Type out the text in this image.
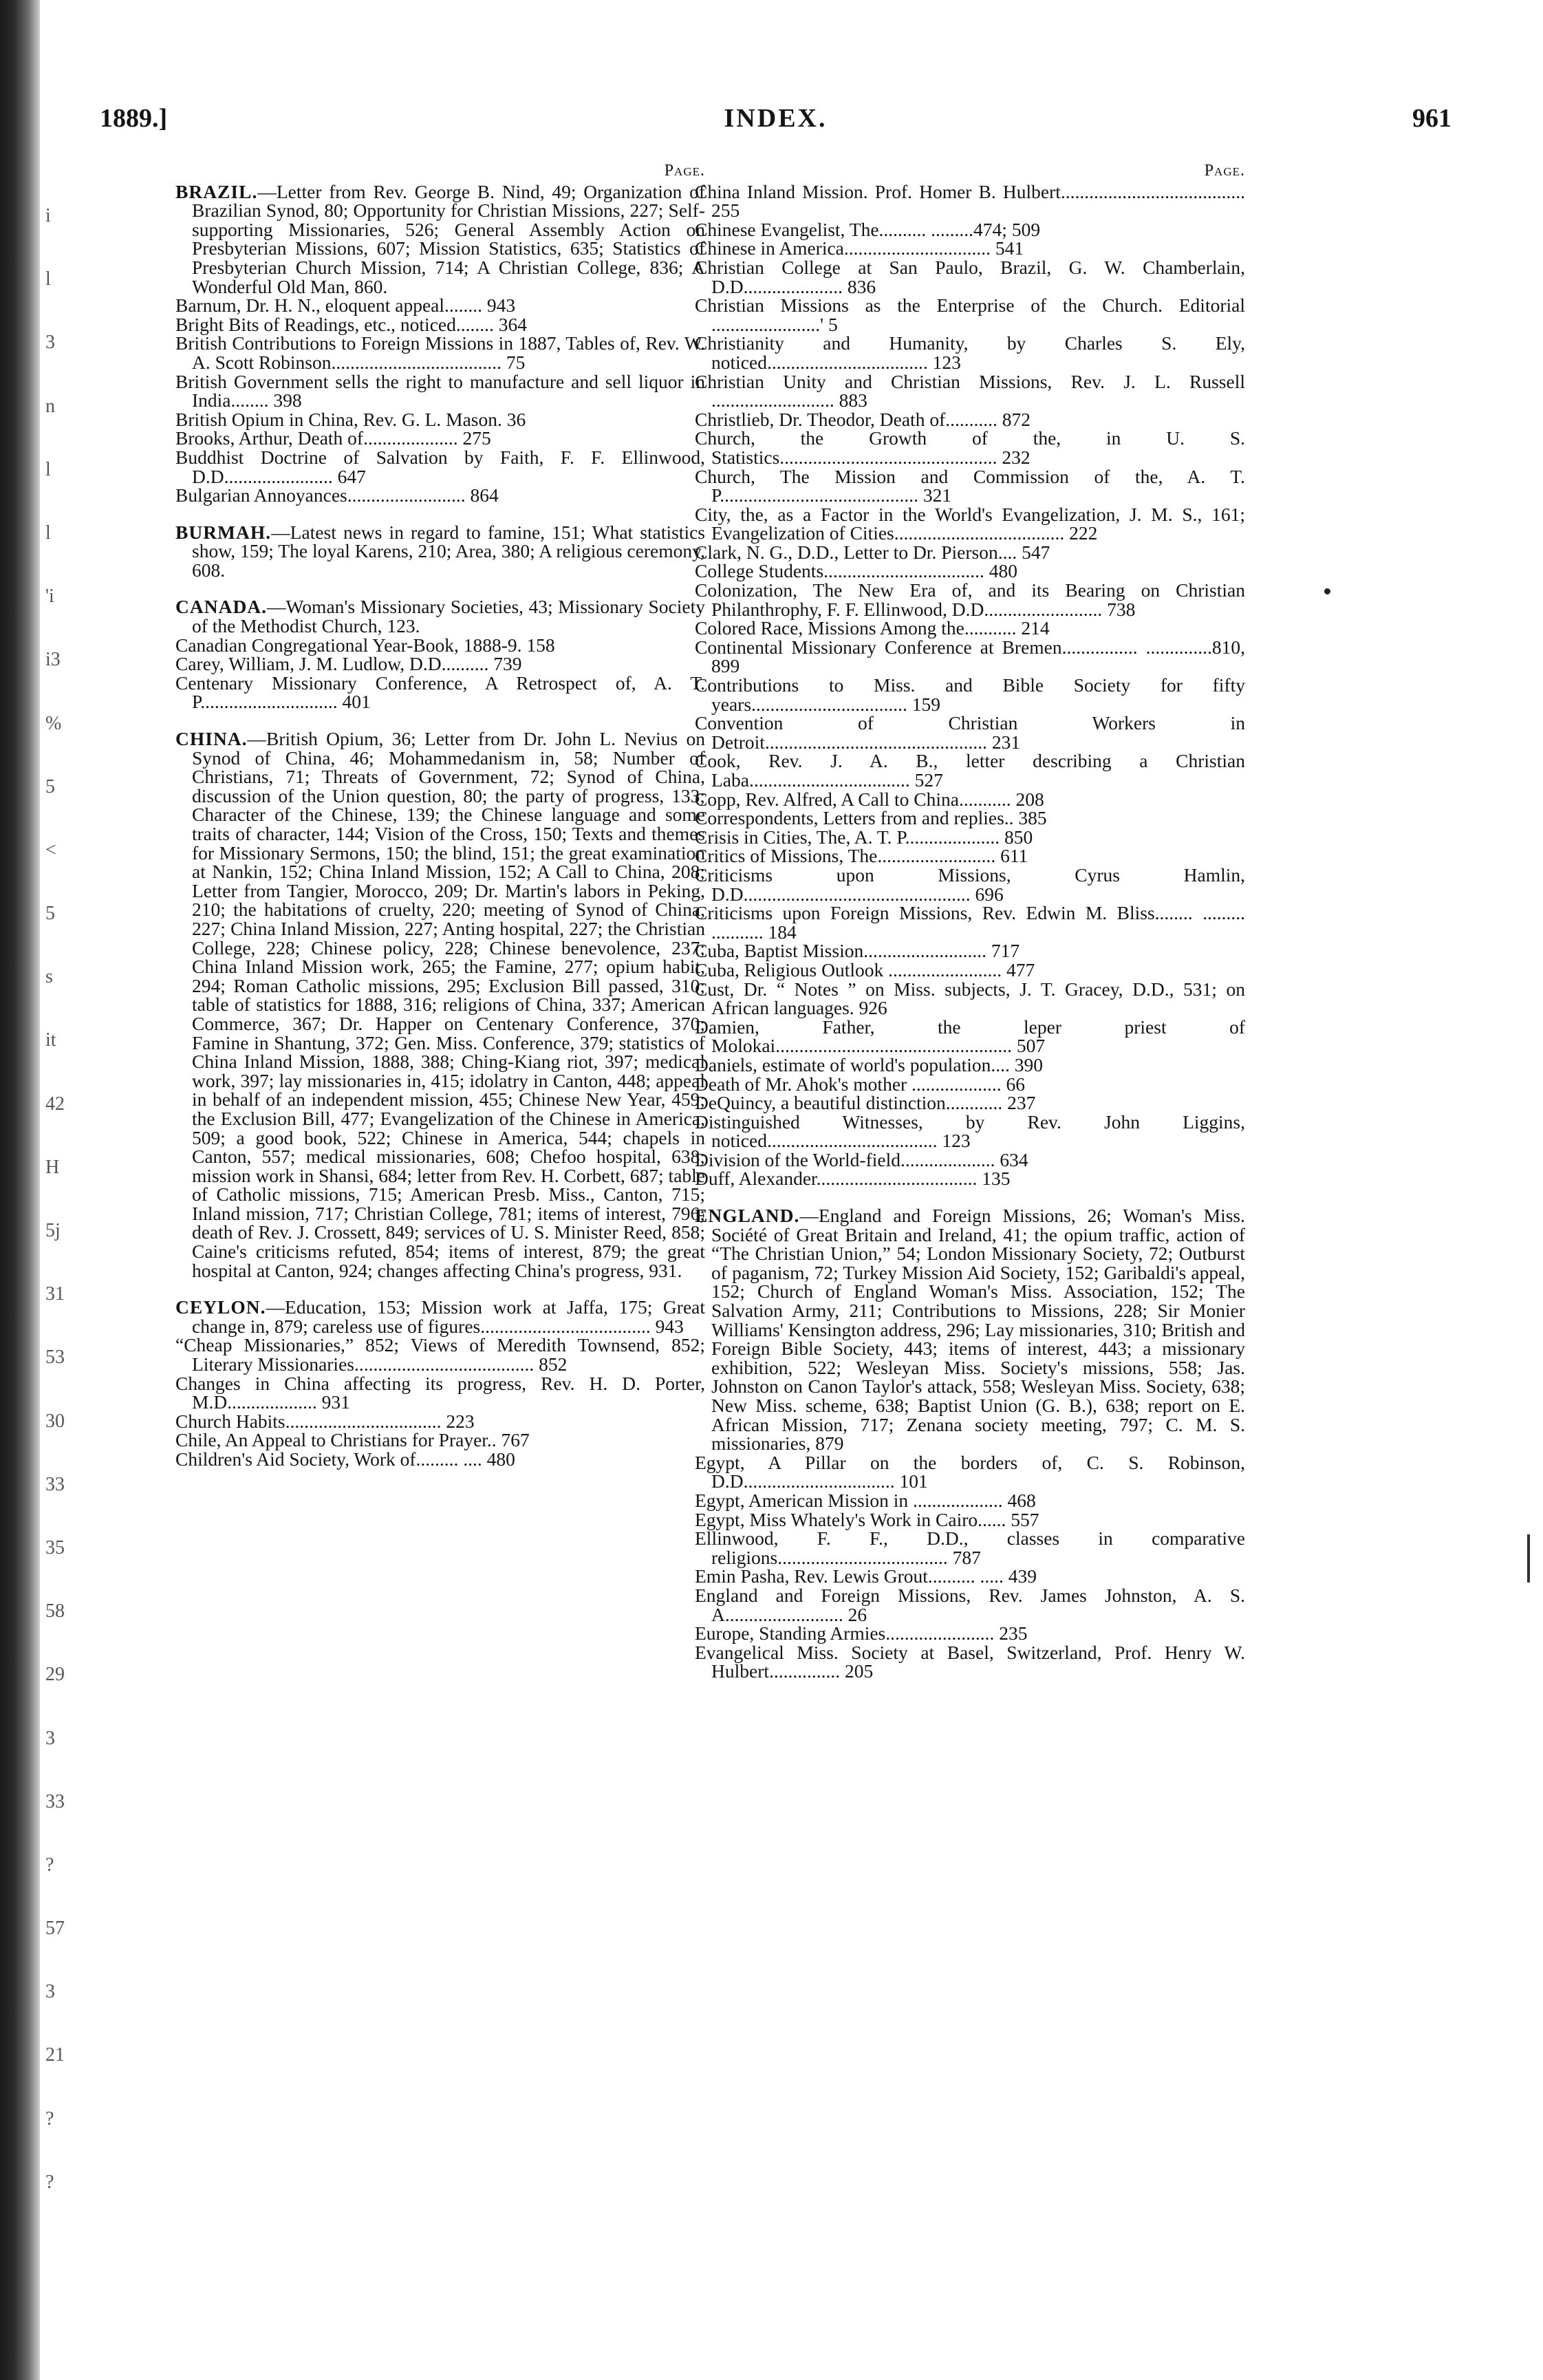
i
l
3
n
l
l
'i
i3
%
5
<
5
s
it
42
H
5j
31
53
30
33
35
58
29
3
33
?
57
3
21
?
?
1889.]	INDEX.	961
Page.

BRAZIL.—Letter from Rev. George B. Nind, 49; Organization of Brazilian Synod, 80; Opportunity for Christian Missions, 227; Self-supporting Missionaries, 526; General Assembly Action on Presbyterian Missions, 607; Mission Statistics, 635; Statistics of Presbyterian Church Mission, 714; A Christian College, 836; A Wonderful Old Man, 860.

Barnum, Dr. H. N., eloquent appeal........ 943

Bright Bits of Readings, etc., noticed........ 364

British Contributions to Foreign Missions in 1887, Tables of, Rev. W. A. Scott Robinson.................................... 75

British Government sells the right to manufacture and sell liquor in India........ 398

British Opium in China, Rev. G. L. Mason. 36

Brooks, Arthur, Death of.................... 275

Buddhist Doctrine of Salvation by Faith, F. F. Ellinwood, D.D....................... 647

Bulgarian Annoyances......................... 864

BURMAH.—Latest news in regard to famine, 151; What statistics show, 159; The loyal Karens, 210; Area, 380; A religious ceremony, 608.

CANADA.—Woman's Missionary Societies, 43; Missionary Society of the Methodist Church, 123.

Canadian Congregational Year-Book, 1888-9. 158

Carey, William, J. M. Ludlow, D.D.......... 739

Centenary Missionary Conference, A Retrospect of, A. T. P............................. 401

CHINA.—British Opium, 36; Letter from Dr. John L. Nevius on Synod of China, 46; Mohammedanism in, 58; Number of Christians, 71; Threats of Government, 72; Synod of China, discussion of the Union question, 80; the party of progress, 133; Character of the Chinese, 139; the Chinese language and some traits of character, 144; Vision of the Cross, 150; Texts and themes for Missionary Sermons, 150; the blind, 151; the great examination at Nankin, 152; China Inland Mission, 152; A Call to China, 208; Letter from Tangier, Morocco, 209; Dr. Martin's labors in Peking, 210; the habitations of cruelty, 220; meeting of Synod of China, 227; China Inland Mission, 227; Anting hospital, 227; the Christian College, 228; Chinese policy, 228; Chinese benevolence, 237; China Inland Mission work, 265; the Famine, 277; opium habit, 294; Roman Catholic missions, 295; Exclusion Bill passed, 310; table of statistics for 1888, 316; religions of China, 337; American Commerce, 367; Dr. Happer on Centenary Conference, 370; Famine in Shantung, 372; Gen. Miss. Conference, 379; statistics of China Inland Mission, 1888, 388; Ching-Kiang riot, 397; medical work, 397; lay missionaries in, 415; idolatry in Canton, 448; appeal in behalf of an independent mission, 455; Chinese New Year, 459; the Exclusion Bill, 477; Evangelization of the Chinese in America, 509; a good book, 522; Chinese in America, 544; chapels in Canton, 557; medical missionaries, 608; Chefoo hospital, 638; mission work in Shansi, 684; letter from Rev. H. Corbett, 687; table of Catholic missions, 715; American Presb. Miss., Canton, 715; Inland mission, 717; Christian College, 781; items of interest, 796; death of Rev. J. Crossett, 849; services of U. S. Minister Reed, 858; Caine's criticisms refuted, 854; items of interest, 879; the great hospital at Canton, 924; changes affecting China's progress, 931.

CEYLON.—Education, 153; Mission work at Jaffa, 175; Great change in, 879; careless use of figures.................................... 943

“Cheap Missionaries,” 852; Views of Meredith Townsend, 852; Literary Missionaries...................................... 852

Changes in China affecting its progress, Rev. H. D. Porter, M.D................... 931

Church Habits................................. 223

Chile, An Appeal to Christians for Prayer.. 767

Children's Aid Society, Work of......... .... 480

Page.

China Inland Mission. Prof. Homer B. Hulbert....................................... 255

Chinese Evangelist, The.......... .........474; 509

Chinese in America............................... 541

Christian College at San Paulo, Brazil, G. W. Chamberlain, D.D..................... 836

Christian Missions as the Enterprise of the Church. Editorial .......................' 5

Christianity and Humanity, by Charles S. Ely, noticed.................................. 123

Christian Unity and Christian Missions, Rev. J. L. Russell .......................... 883

Christlieb, Dr. Theodor, Death of........... 872

Church, the Growth of the, in U. S. Statistics.............................................. 232

Church, The Mission and Commission of the, A. T. P.......................................... 321

City, the, as a Factor in the World's Evangelization, J. M. S., 161; Evangelization of Cities.................................... 222

Clark, N. G., D.D., Letter to Dr. Pierson.... 547

College Students.................................. 480

Colonization, The New Era of, and its Bearing on Christian Philanthrophy, F. F. Ellinwood, D.D......................... 738

Colored Race, Missions Among the........... 214

Continental Missionary Conference at Bremen................ ..............810, 899

Contributions to Miss. and Bible Society for fifty years................................. 159

Convention of Christian Workers in Detroit............................................... 231

Cook, Rev. J. A. B., letter describing a Christian Laba.................................. 527

Copp, Rev. Alfred, A Call to China........... 208

Correspondents, Letters from and replies.. 385

Crisis in Cities, The, A. T. P.................... 850

Critics of Missions, The......................... 611

Criticisms upon Missions, Cyrus Hamlin, D.D................................................ 696

Criticisms upon Foreign Missions, Rev. Edwin M. Bliss........ ......... ........... 184

Cuba, Baptist Mission.......................... 717

Cuba, Religious Outlook ........................ 477

Cust, Dr. “ Notes ” on Miss. subjects, J. T. Gracey, D.D., 531; on African languages. 926

Damien, Father, the leper priest of Molokai.................................................. 507

Daniels, estimate of world's population.... 390

Death of Mr. Ahok's mother ................... 66

DeQuincy, a beautiful distinction............ 237

Distinguished Witnesses, by Rev. John Liggins, noticed.................................... 123

Division of the World-field.................... 634

Duff, Alexander.................................. 135

ENGLAND.—England and Foreign Missions, 26; Woman's Miss. Société of Great Britain and Ireland, 41; the opium traffic, action of “The Christian Union,” 54; London Missionary Society, 72; Outburst of paganism, 72; Turkey Mission Aid Society, 152; Garibaldi's appeal, 152; Church of England Woman's Miss. Association, 152; The Salvation Army, 211; Contributions to Missions, 228; Sir Monier Williams' Kensington address, 296; Lay missionaries, 310; British and Foreign Bible Society, 443; items of interest, 443; a missionary exhibition, 522; Wesleyan Miss. Society's missions, 558; Jas. Johnston on Canon Taylor's attack, 558; Wesleyan Miss. Society, 638; New Miss. scheme, 638; Baptist Union (G. B.), 638; report on E. African Mission, 717; Zenana society meeting, 797; C. M. S. missionaries, 879

Egypt, A Pillar on the borders of, C. S. Robinson, D.D................................ 101

Egypt, American Mission in ................... 468

Egypt, Miss Whately's Work in Cairo...... 557

Ellinwood, F. F., D.D., classes in comparative religions.................................... 787

Emin Pasha, Rev. Lewis Grout.......... ..... 439

England and Foreign Missions, Rev. James Johnston, A. S. A......................... 26

Europe, Standing Armies....................... 235

Evangelical Miss. Society at Basel, Switzerland, Prof. Henry W. Hulbert............... 205
